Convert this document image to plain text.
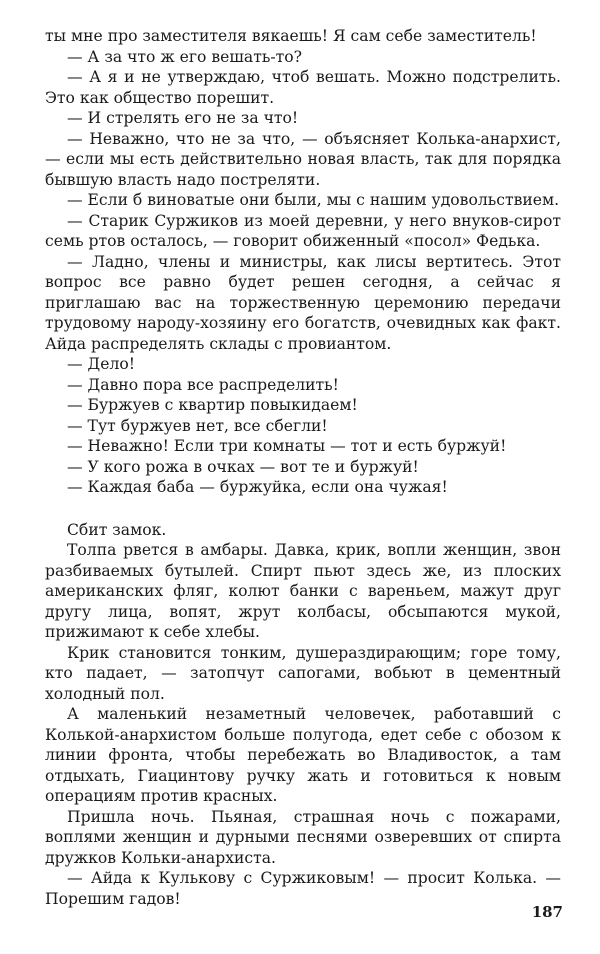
ты мне про заместителя вякаешь! Я сам себе заместитель!

— А за что ж его вешать-то?

— А я и не утверждаю, чтоб вешать. Можно подстрелить. Это как общество порешит.

— И стрелять его не за что!

— Неважно, что не за что, — объясняет Колька-анархист, — если мы есть действительно новая власть, так для порядка бывшую власть надо постреляти.

— Если б виноватые они были, мы с нашим удовольствием.

— Старик Суржиков из моей деревни, у него внуков-сирот семь ртов осталось, — говорит обиженный «посол» Федька.

— Ладно, члены и министры, как лисы вертитесь. Этот вопрос все равно будет решен сегодня, а сейчас я приглашаю вас на торжественную церемонию передачи трудовому народу-хозяину его богатств, очевидных как факт. Айда распределять склады с провиантом.

— Дело!

— Давно пора все распределить!

— Буржуев с квартир повыкидаем!

— Тут буржуев нет, все сбегли!

— Неважно! Если три комнаты — тот и есть буржуй!

— У кого рожа в очках — вот те и буржуй!

— Каждая баба — буржуйка, если она чужая!

Сбит замок.

Толпа рвется в амбары. Давка, крик, вопли женщин, звон разбиваемых бутылей. Спирт пьют здесь же, из плоских американских фляг, колют банки с вареньем, мажут друг другу лица, вопят, жрут колбасы, обсыпаются мукой, прижимают к себе хлебы.

Крик становится тонким, душераздирающим; горе тому, кто падает, — затопчут сапогами, вобьют в цементный холодный пол.

А маленький незаметный человечек, работавший с Колькой-анархистом больше полугода, едет себе с обозом к линии фронта, чтобы перебежать во Владивосток, а там отдыхать, Гиацинтову ручку жать и готовиться к новым операциям против красных.

Пришла ночь. Пьяная, страшная ночь с пожарами, воплями женщин и дурными песнями озверевших от спирта дружков Кольки-анархиста.

— Айда к Кулькову с Суржиковым! — просит Колька. — Порешим гадов!

187
